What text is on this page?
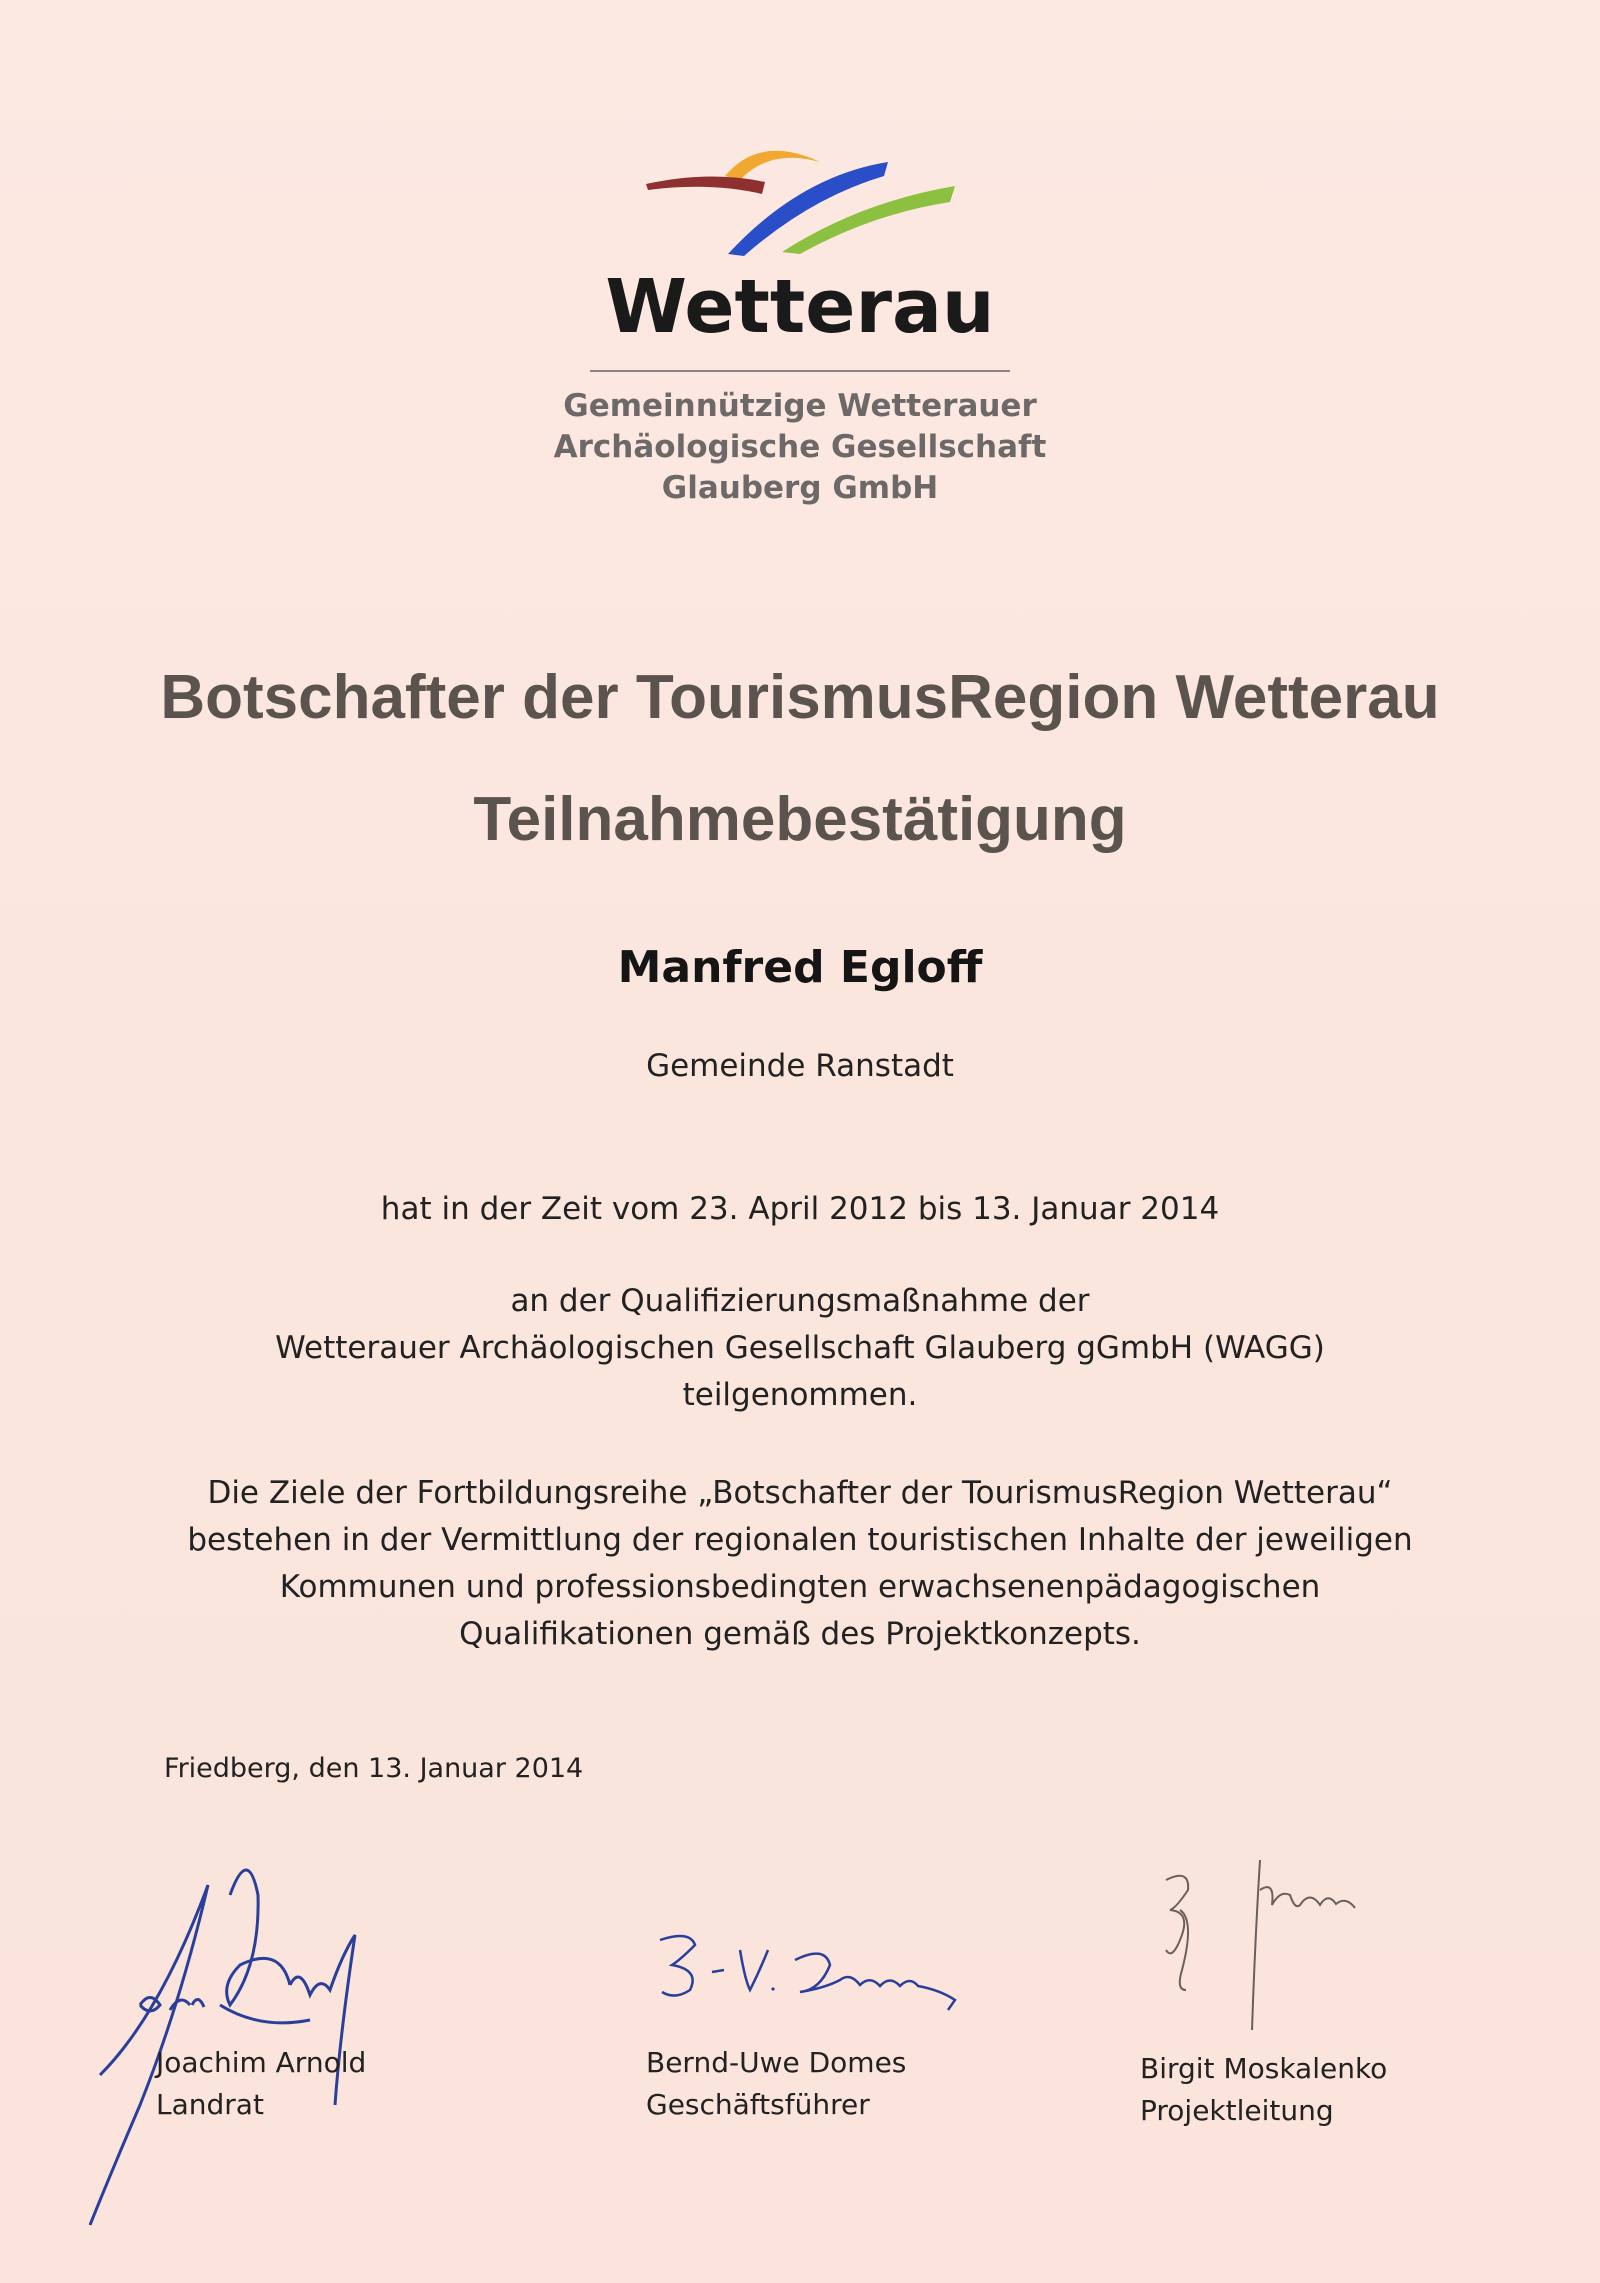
Wetterau
Gemeinnützige Wetterauer
Archäologische Gesellschaft
Glauberg GmbH
Botschafter der TourismusRegion Wetterau
Teilnahmebestätigung
Manfred Egloff
Gemeinde Ranstadt
hat in der Zeit vom 23. April 2012 bis 13. Januar 2014
an der Qualifizierungsmaßnahme der
Wetterauer Archäologischen Gesellschaft Glauberg gGmbH (WAGG)
teilgenommen.
Die Ziele der Fortbildungsreihe „Botschafter der TourismusRegion Wetterau“
bestehen in der Vermittlung der regionalen touristischen Inhalte der jeweiligen
Kommunen und professionsbedingten erwachsenenpädagogischen
Qualifikationen gemäß des Projektkonzepts.
Friedberg, den 13. Januar 2014
Joachim Arnold
Landrat
Bernd-Uwe Domes
Geschäftsführer
Birgit Moskalenko
Projektleitung
